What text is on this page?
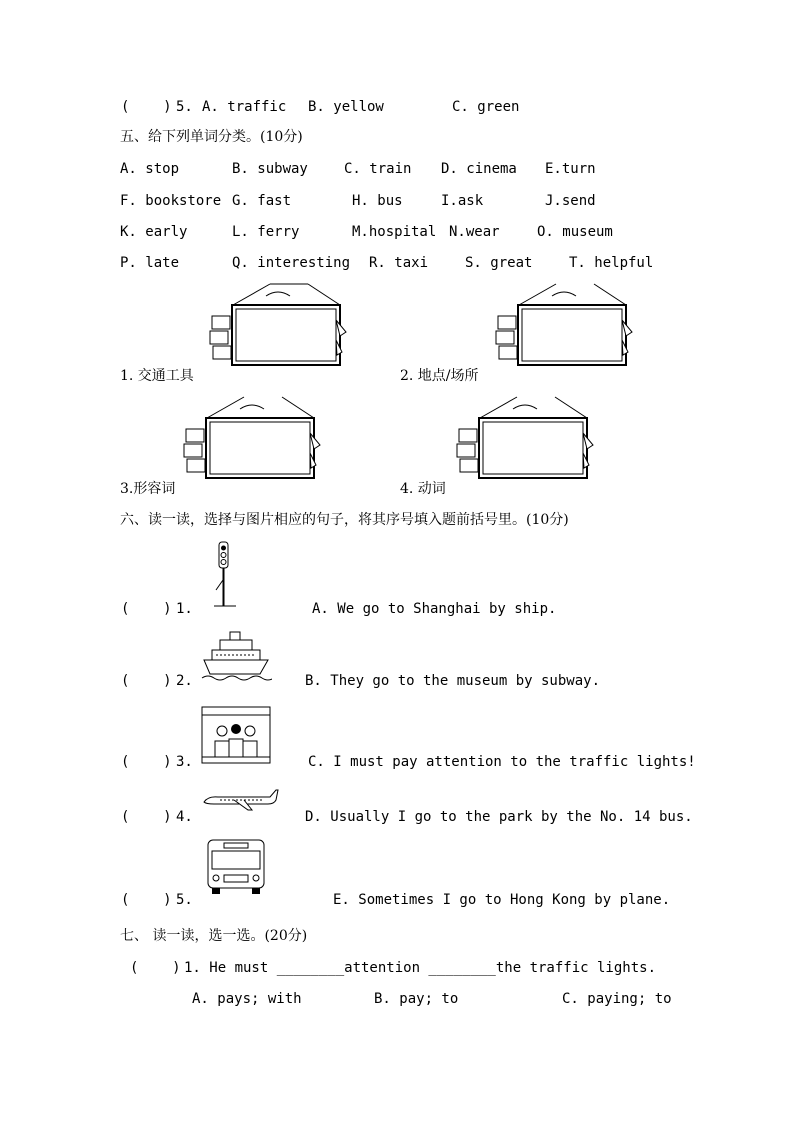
(    ) 5. A. traffic B. yellow	C. green
五、给下列单词分类。(10分)
A. stop	B. subway	C. train D. cinema E.turn
F. bookstore G. fast	H. bus	I.ask	J.send
K. early	L. ferry	M.hospital N.wear	O. museum
P. late	Q. interesting R. taxi	S. great	T. helpful
1. 交通工具	2. 地点/场所
3.形容词	4. 动词
六、读一读，选择与图片相应的句子，将其序号填入题前括号里。(10分)
(    ) 1.	A. We go to Shanghai by ship.
(    ) 2.	B. They go to the museum by subway.
(    ) 3.	C. I must pay attention to the traffic lights!
(    ) 4.	D. Usually I go to the park by the No. 14 bus.
(    ) 5.	E. Sometimes I go to Hong Kong by plane.
七、 读一读，选一选。(20分)
(    ) 1. He must ________attention ________the traffic lights.
A. pays; with	B. pay; to	C. paying; to
